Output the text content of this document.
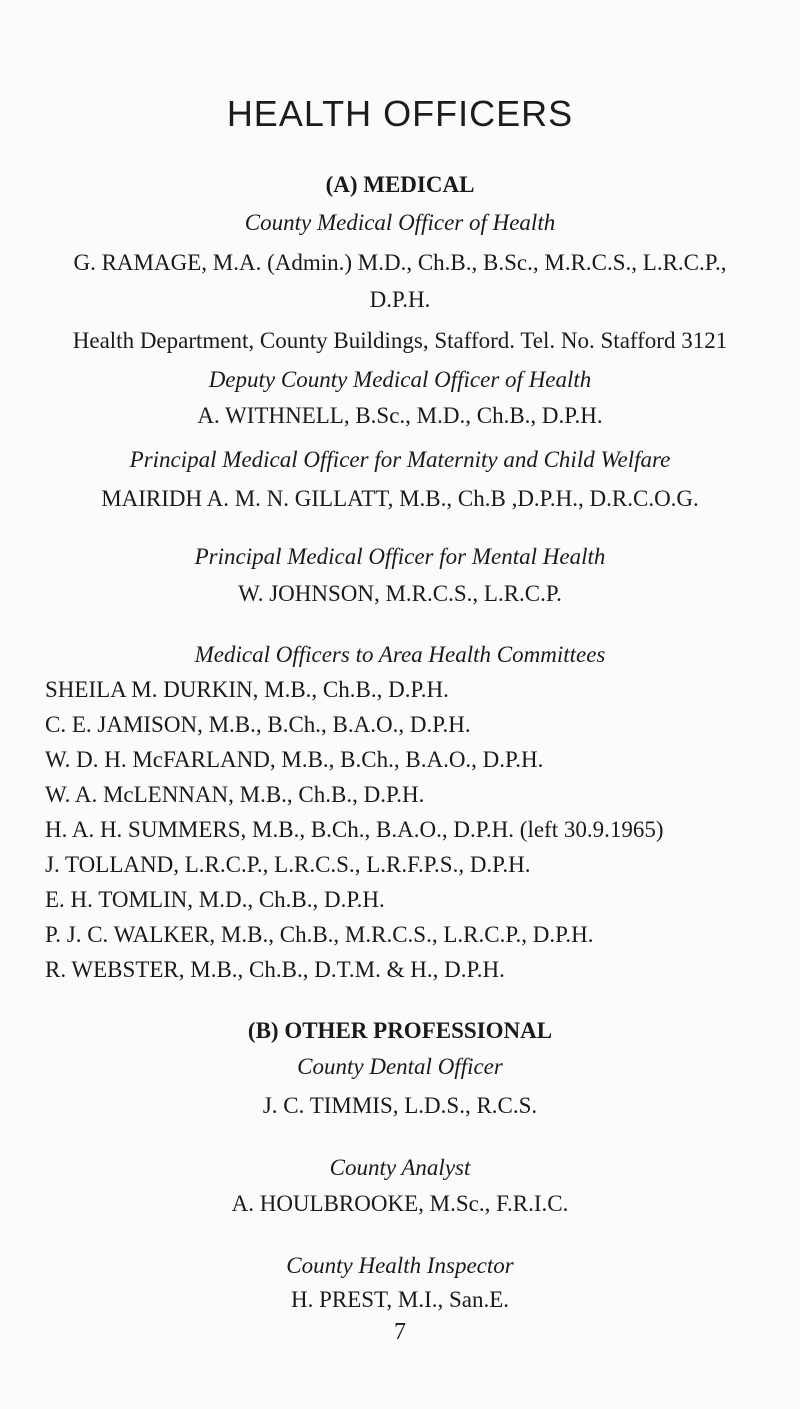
HEALTH OFFICERS
(A) MEDICAL
County Medical Officer of Health
G. RAMAGE, M.A. (Admin.) M.D., Ch.B., B.Sc., M.R.C.S., L.R.C.P.,
D.P.H.
Health Department, County Buildings, Stafford. Tel. No. Stafford 3121
Deputy County Medical Officer of Health
A. WITHNELL, B.Sc., M.D., Ch.B., D.P.H.
Principal Medical Officer for Maternity and Child Welfare
MAIRIDH A. M. N. GILLATT, M.B., Ch.B ,D.P.H., D.R.C.O.G.
Principal Medical Officer for Mental Health
W. JOHNSON, M.R.C.S., L.R.C.P.
Medical Officers to Area Health Committees
SHEILA M. DURKIN, M.B., Ch.B., D.P.H.
C. E. JAMISON, M.B., B.Ch., B.A.O., D.P.H.
W. D. H. McFARLAND, M.B., B.Ch., B.A.O., D.P.H.
W. A. McLENNAN, M.B., Ch.B., D.P.H.
H. A. H. SUMMERS, M.B., B.Ch., B.A.O., D.P.H. (left 30.9.1965)
J. TOLLAND, L.R.C.P., L.R.C.S., L.R.F.P.S., D.P.H.
E. H. TOMLIN, M.D., Ch.B., D.P.H.
P. J. C. WALKER, M.B., Ch.B., M.R.C.S., L.R.C.P., D.P.H.
R. WEBSTER, M.B., Ch.B., D.T.M. & H., D.P.H.
(B) OTHER PROFESSIONAL
County Dental Officer
J. C. TIMMIS, L.D.S., R.C.S.
County Analyst
A. HOULBROOKE, M.Sc., F.R.I.C.
County Health Inspector
H. PREST, M.I., San.E.
7
